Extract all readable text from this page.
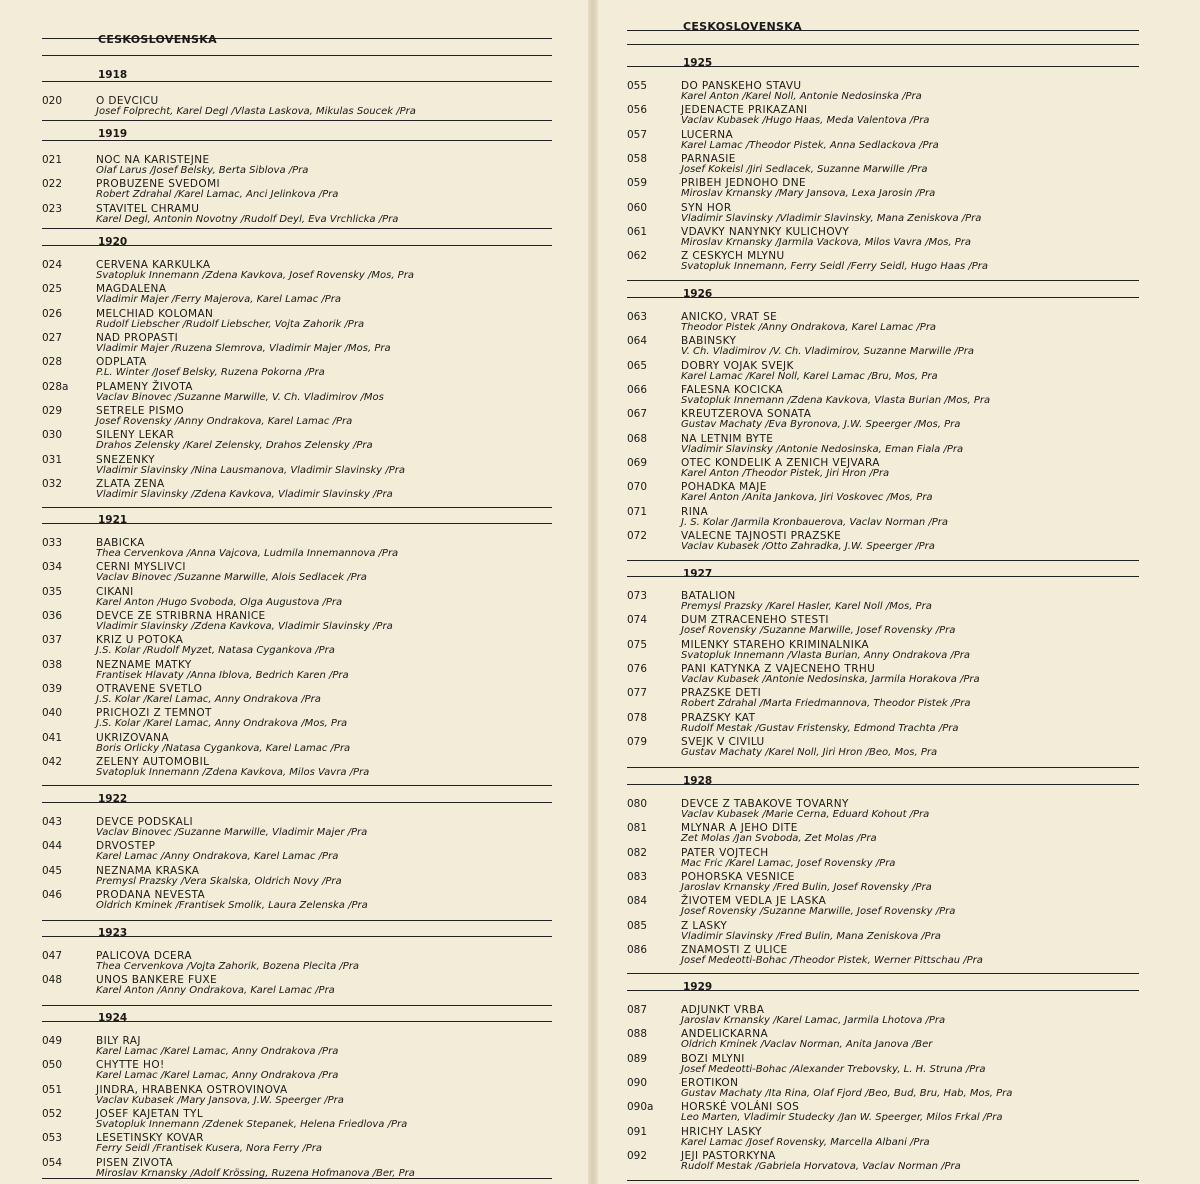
CESKOSLOVENSKA
1918
020	O DEVCICU
Josef Folprecht, Karel Degl /Vlasta Laskova, Mikulas Soucek /Pra
1919
021	NOC NA KARISTEJNE
Olaf Larus /Josef Belsky, Berta Siblova /Pra
022	PROBUZENE SVEDOMI
Robert Zdrahal /Karel Lamac, Anci Jelinkova /Pra
023	STAVITEL CHRAMU
Karel Degl, Antonin Novotny /Rudolf Deyl, Eva Vrchlicka /Pra
1920
024	CERVENA KARKULKA
Svatopluk Innemann /Zdena Kavkova, Josef Rovensky /Mos, Pra
025	MAGDALENA
Vladimir Majer /Ferry Majerova, Karel Lamac /Pra
026	MELCHIAD KOLOMAN
Rudolf Liebscher /Rudolf Liebscher, Vojta Zahorik /Pra
027	NAD PROPASTI
Vladimir Majer /Ruzena Slemrova, Vladimir Majer /Mos, Pra
028	ODPLATA
P.L. Winter /Josef Belsky, Ruzena Pokorna /Pra
028a	PLAMENY ŽIVOTA
Vaclav Binovec /Suzanne Marwille, V. Ch. Vladimirov /Mos
029	SETRELE PISMO
Josef Rovensky /Anny Ondrakova, Karel Lamac /Pra
030	SILENY LEKAR
Drahos Zelensky /Karel Zelensky, Drahos Zelensky /Pra
031	SNEZENKY
Vladimir Slavinsky /Nina Lausmanova, Vladimir Slavinsky /Pra
032	ZLATA ZENA
Vladimir Slavinsky /Zdena Kavkova, Vladimir Slavinsky /Pra
1921
033	BABICKA
Thea Cervenkova /Anna Vajcova, Ludmila Innemannova /Pra
034	CERNI MYSLIVCI
Vaclav Binovec /Suzanne Marwille, Alois Sedlacek /Pra
035	CIKANI
Karel Anton /Hugo Svoboda, Olga Augustova /Pra
036	DEVCE ZE STRIBRNA HRANICE
Vladimir Slavinsky /Zdena Kavkova, Vladimir Slavinsky /Pra
037	KRIZ U POTOKA
J.S. Kolar /Rudolf Myzet, Natasa Cygankova /Pra
038	NEZNAME MATKY
Frantisek Hlavaty /Anna Iblova, Bedrich Karen /Pra
039	OTRAVENE SVETLO
J.S. Kolar /Karel Lamac, Anny Ondrakova /Pra
040	PRICHOZI Z TEMNOT
J.S. Kolar /Karel Lamac, Anny Ondrakova /Mos, Pra
041	UKRIZOVANA
Boris Orlicky /Natasa Cygankova, Karel Lamac /Pra
042	ZELENY AUTOMOBIL
Svatopluk Innemann /Zdena Kavkova, Milos Vavra /Pra
1922
043	DEVCE PODSKALI
Vaclav Binovec /Suzanne Marwille, Vladimir Majer /Pra
044	DRVOSTEP
Karel Lamac /Anny Ondrakova, Karel Lamac /Pra
045	NEZNAMA KRASKA
Premysl Prazsky /Vera Skalska, Oldrich Novy /Pra
046	PRODANA NEVESTA
Oldrich Kminek /Frantisek Smolik, Laura Zelenska /Pra
1923
047	PALICOVA DCERA
Thea Cervenkova /Vojta Zahorik, Bozena Plecita /Pra
048	UNOS BANKERE FUXE
Karel Anton /Anny Ondrakova, Karel Lamac /Pra
1924
049	BILY RAJ
Karel Lamac /Karel Lamac, Anny Ondrakova /Pra
050	CHYTTE HO!
Karel Lamac /Karel Lamac, Anny Ondrakova /Pra
051	JINDRA, HRABENKA OSTROVINOVA
Vaclav Kubasek /Mary Jansova, J.W. Speerger /Pra
052	JOSEF KAJETAN TYL
Svatopluk Innemann /Zdenek Stepanek, Helena Friedlova /Pra
053	LESETINSKY KOVAR
Ferry Seidl /Frantisek Kusera, Nora Ferry /Pra
054	PISEN ZIVOTA
Miroslav Krnansky /Adolf Krössing, Ruzena Hofmanova /Ber, Pra
CESKOSLOVENSKA
1925
055	DO PANSKEHO STAVU
Karel Anton /Karel Noll, Antonie Nedosinska /Pra
056	JEDENACTE PRIKAZANI
Vaclav Kubasek /Hugo Haas, Meda Valentova /Pra
057	LUCERNA
Karel Lamac /Theodor Pistek, Anna Sedlackova /Pra
058	PARNASIE
Josef Kokeisl /Jiri Sedlacek, Suzanne Marwille /Pra
059	PRIBEH JEDNOHO DNE
Miroslav Krnansky /Mary Jansova, Lexa Jarosin /Pra
060	SYN HOR
Vladimir Slavinsky /Vladimir Slavinsky, Mana Zeniskova /Pra
061	VDAVKY NANYNKY KULICHOVY
Miroslav Krnansky /Jarmila Vackova, Milos Vavra /Mos, Pra
062	Z CESKYCH MLYNU
Svatopluk Innemann, Ferry Seidl /Ferry Seidl, Hugo Haas /Pra
1926
063	ANICKO, VRAT SE
Theodor Pistek /Anny Ondrakova, Karel Lamac /Pra
064	BABINSKY
V. Ch. Vladimirov /V. Ch. Vladimirov, Suzanne Marwille /Pra
065	DOBRY VOJAK SVEJK
Karel Lamac /Karel Noll, Karel Lamac /Bru, Mos, Pra
066	FALESNA KOCICKA
Svatopluk Innemann /Zdena Kavkova, Vlasta Burian /Mos, Pra
067	KREUTZEROVA SONATA
Gustav Machaty /Eva Byronova, J.W. Speerger /Mos, Pra
068	NA LETNIM BYTE
Vladimir Slavinsky /Antonie Nedosinska, Eman Fiala /Pra
069	OTEC KONDELIK A ZENICH VEJVARA
Karel Anton /Theodor Pistek, Jiri Hron /Pra
070	POHADKA MAJE
Karel Anton /Anita Jankova, Jiri Voskovec /Mos, Pra
071	RINA
J. S. Kolar /Jarmila Kronbauerova, Vaclav Norman /Pra
072	VALECNE TAJNOSTI PRAZSKE
Vaclav Kubasek /Otto Zahradka, J.W. Speerger /Pra
1927
073	BATALION
Premysl Prazsky /Karel Hasler, Karel Noll /Mos, Pra
074	DUM ZTRACENEHO STESTI
Josef Rovensky /Suzanne Marwille, Josef Rovensky /Pra
075	MILENKY STAREHO KRIMINALNIKA
Svatopluk Innemann /Vlasta Burian, Anny Ondrakova /Pra
076	PANI KATYNKA Z VAJECNEHO TRHU
Vaclav Kubasek /Antonie Nedosinska, Jarmila Horakova /Pra
077	PRAZSKE DETI
Robert Zdrahal /Marta Friedmannova, Theodor Pistek /Pra
078	PRAZSKY KAT
Rudolf Mestak /Gustav Fristensky, Edmond Trachta /Pra
079	SVEJK V CIVILU
Gustav Machaty /Karel Noll, Jiri Hron /Beo, Mos, Pra
1928
080	DEVCE Z TABAKOVE TOVARNY
Vaclav Kubasek /Marie Cerna, Eduard Kohout /Pra
081	MLYNAR A JEHO DITE
Zet Molas /Jan Svoboda, Zet Molas /Pra
082	PATER VOJTECH
Mac Fric /Karel Lamac, Josef Rovensky /Pra
083	POHORSKA VESNICE
Jaroslav Krnansky /Fred Bulin, Josef Rovensky /Pra
084	ŽIVOTEM VEDLA JE LASKA
Josef Rovensky /Suzanne Marwille, Josef Rovensky /Pra
085	Z LASKY
Vladimir Slavinsky /Fred Bulin, Mana Zeniskova /Pra
086	ZNAMOSTI Z ULICE
Josef Medeotti-Bohac /Theodor Pistek, Werner Pittschau /Pra
1929
087	ADJUNKT VRBA
Jaroslav Krnansky /Karel Lamac, Jarmila Lhotova /Pra
088	ANDELICKARNA
Oldrich Kminek /Vaclav Norman, Anita Janova /Ber
089	BOZI MLYNI
Josef Medeotti-Bohac /Alexander Trebovsky, L. H. Struna /Pra
090	EROTIKON
Gustav Machaty /Ita Rina, Olaf Fjord /Beo, Bud, Bru, Hab, Mos, Pra
090a	HORSKÉ VOLÁNI SOS
Leo Marten, Vladimir Studecky /Jan W. Speerger, Milos Frkal /Pra
091	HRICHY LASKY
Karel Lamac /Josef Rovensky, Marcella Albani /Pra
092	JEJI PASTORKYNA
Rudolf Mestak /Gabriela Horvatova, Vaclav Norman /Pra
